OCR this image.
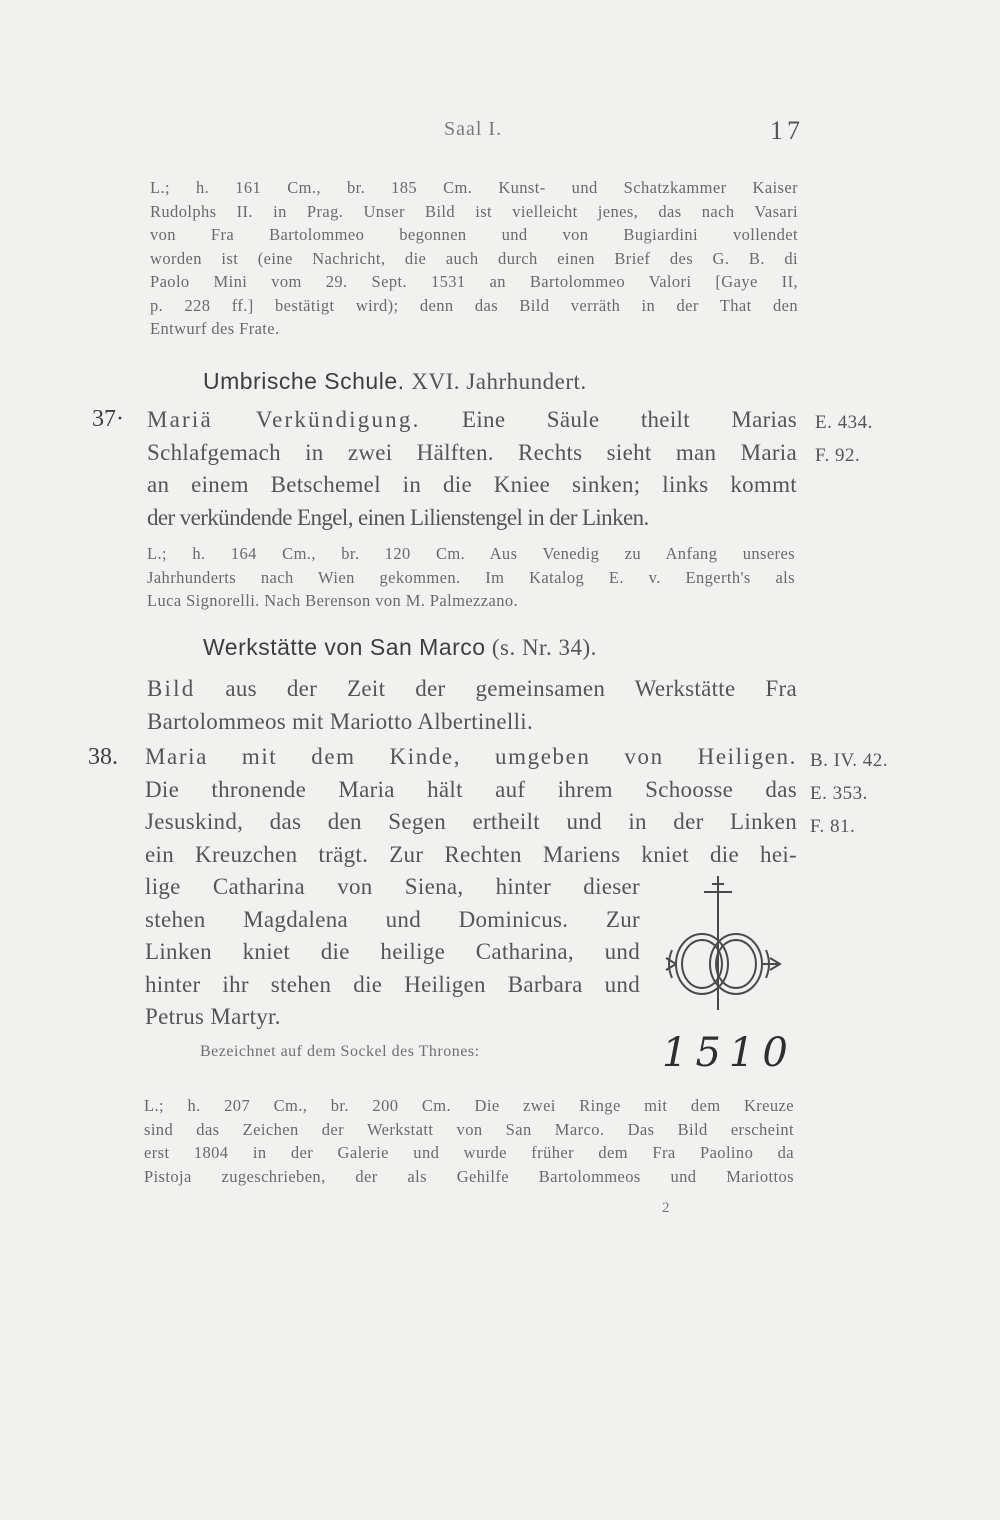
Saal I.	17
L.; h. 161 Cm., br. 185 Cm. Kunst- und Schatzkammer Kaiser
Rudolphs II. in Prag. Unser Bild ist vielleicht jenes, das nach Vasari
von Fra Bartolommeo begonnen und von Bugiardini vollendet
worden ist (eine Nachricht, die auch durch einen Brief des G. B. di
Paolo Mini vom 29. Sept. 1531 an Bartolommeo Valori [Gaye II,
p. 228 ff.] bestätigt wird); denn das Bild verräth in der That den
Entwurf des Frate.
Umbrische Schule. XVI. Jahrhundert.
37· Mariä Verkündigung. Eine Säule theilt Marias
Schlafgemach in zwei Hälften. Rechts sieht man Maria
an einem Betschemel in die Kniee sinken; links kommt
der verkündende Engel, einen Lilienstengel in der Linken.
E. 434.
F. 92.
L.; h. 164 Cm., br. 120 Cm. Aus Venedig zu Anfang unseres
Jahrhunderts nach Wien gekommen. Im Katalog E. v. Engerth's als
Luca Signorelli. Nach Berenson von M. Palmezzano.
Werkstätte von San Marco (s. Nr. 34).
Bild aus der Zeit der gemeinsamen Werkstätte Fra
Bartolommeos mit Mariotto Albertinelli.
38. Maria mit dem Kinde, umgeben von Heiligen.
Die thronende Maria hält auf ihrem Schoosse das
Jesuskind, das den Segen ertheilt und in der Linken
ein Kreuzchen trägt. Zur Rechten Mariens kniet die hei-
lige Catharina von Siena, hinter dieser
stehen Magdalena und Dominicus. Zur
Linken kniet die heilige Catharina, und
hinter ihr stehen die Heiligen Barbara und
Petrus Martyr.
B. IV. 42.
E. 353.
F. 81.
Bezeichnet auf dem Sockel des Thrones:	1510
L.; h. 207 Cm., br. 200 Cm. Die zwei Ringe mit dem Kreuze
sind das Zeichen der Werkstatt von San Marco. Das Bild erscheint
erst 1804 in der Galerie und wurde früher dem Fra Paolino da
Pistoja zugeschrieben, der als Gehilfe Bartolommeos und Mariottos
2
